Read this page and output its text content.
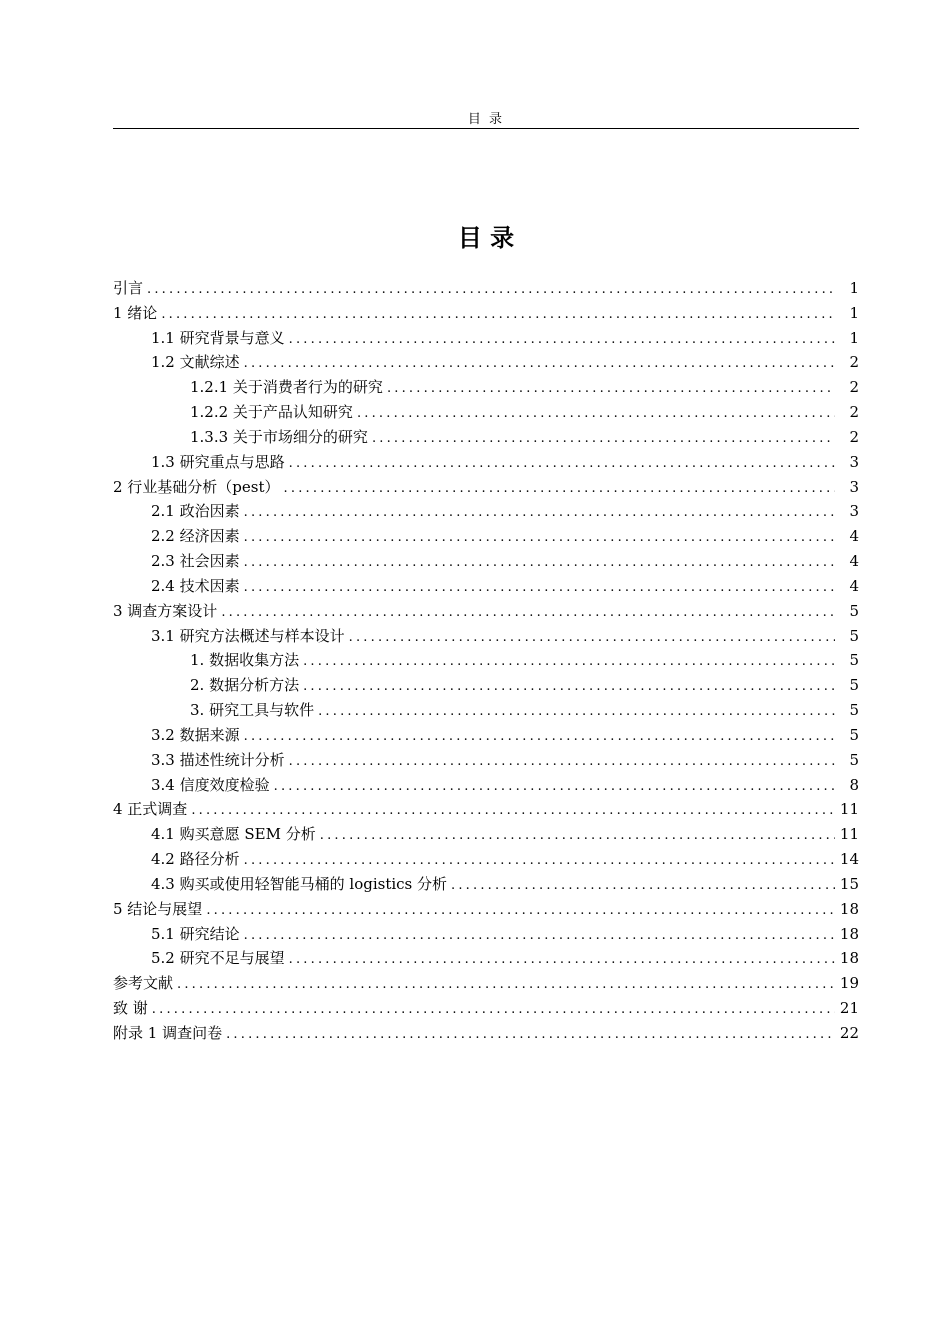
目 录
目 录
引言 .....	1
1 绪论 .....	1
1.1 研究背景与意义 .....	1
1.2 文献综述 .....	2
1.2.1 关于消费者行为的研究 .....	2
1.2.2 关于产品认知研究 .....	2
1.3.3 关于市场细分的研究 .....	2
1.3 研究重点与思路 .....	3
2 行业基础分析（pest） .....	3
2.1 政治因素 .....	3
2.2 经济因素 .....	4
2.3 社会因素 .....	4
2.4 技术因素 .....	4
3 调查方案设计 .....	5
3.1 研究方法概述与样本设计 .....	5
1. 数据收集方法 .....	5
2. 数据分析方法 .....	5
3. 研究工具与软件 .....	5
3.2 数据来源 .....	5
3.3 描述性统计分析 .....	5
3.4 信度效度检验 .....	8
4 正式调查 .....	11
4.1 购买意愿 SEM 分析 .....	11
4.2 路径分析 .....	14
4.3 购买或使用轻智能马桶的 logistics 分析 .....	15
5 结论与展望 .....	18
5.1 研究结论 .....	18
5.2 研究不足与展望 .....	18
参考文献 .....	19
致 谢 .....	21
附录 1 调查问卷 .....	22
